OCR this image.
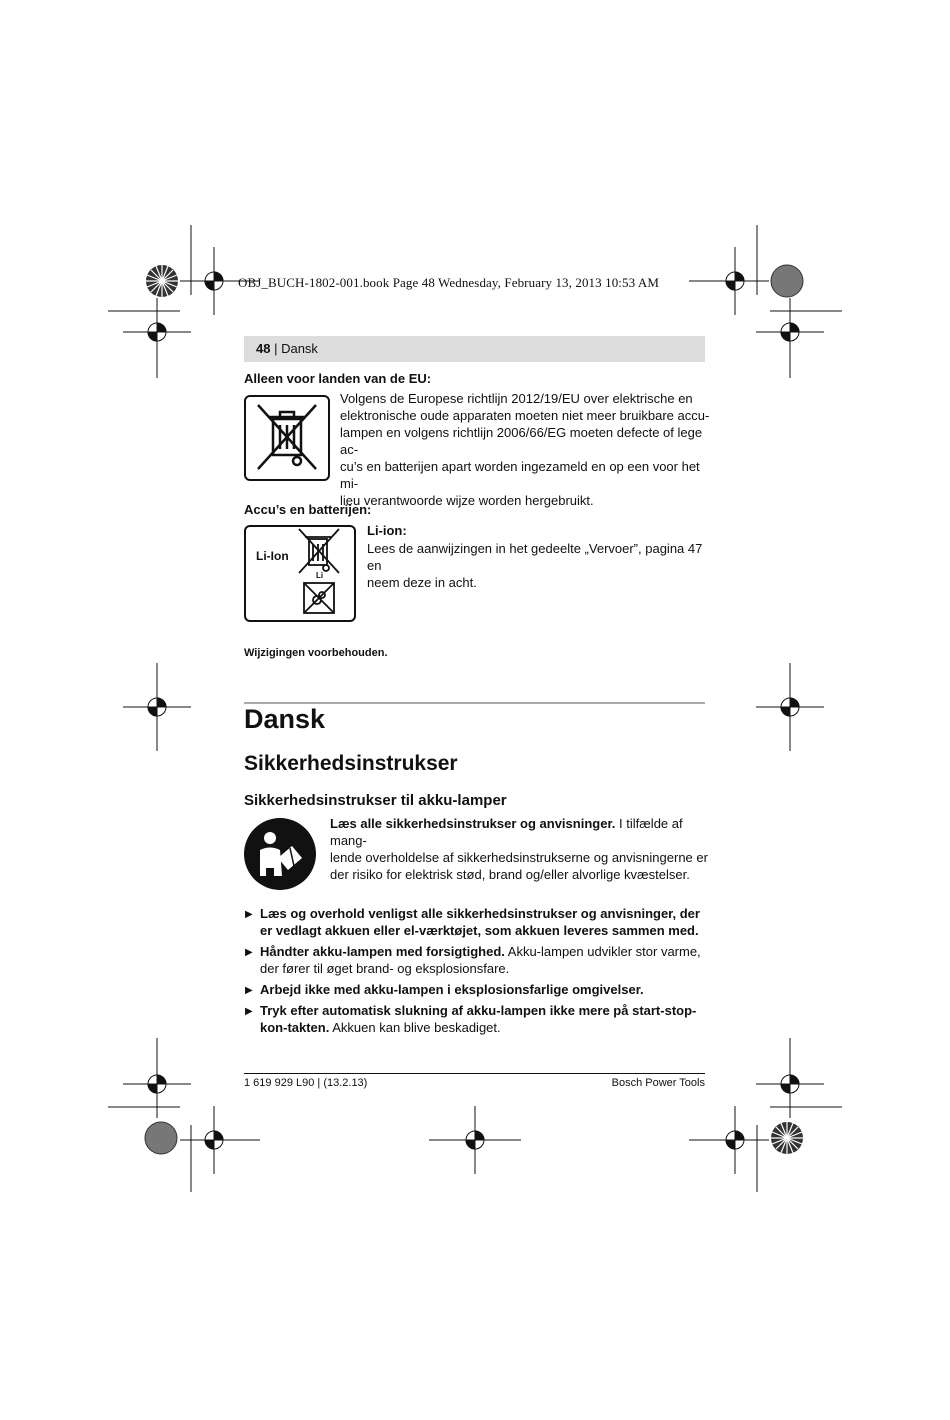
OBJ_BUCH-1802-001.book Page 48 Wednesday, February 13, 2013 10:53 AM
48 | Dansk
Alleen voor landen van de EU:
Volgens de Europese richtlijn 2012/19/EU over elektrische en
elektronische oude apparaten moeten niet meer bruikbare accu-
lampen en volgens richtlijn 2006/66/EG moeten defecte of lege ac-
cu’s en batterijen apart worden ingezameld en op een voor het mi-
lieu verantwoorde wijze worden hergebruikt.
Accu’s en batterijen:
Li-Ion
Li
Li-ion:
Lees de aanwijzingen in het gedeelte „Vervoer”, pagina 47 en
neem deze in acht.
Wijzigingen voorbehouden.
Dansk
Sikkerhedsinstrukser
Sikkerhedsinstrukser til akku-lamper
Læs alle sikkerhedsinstrukser og anvisninger. I tilfælde af mang-
lende overholdelse af sikkerhedsinstrukserne og anvisningerne er
der risiko for elektrisk stød, brand og/eller alvorlige kvæstelser.
▶ Læs og overhold venligst alle sikkerhedsinstrukser og anvisninger, der er vedlagt akkuen eller el-værktøjet, som akkuen leveres sammen med.
▶ Håndter akku-lampen med forsigtighed. Akku-lampen udvikler stor varme, der fører til øget brand- og eksplosionsfare.
▶ Arbejd ikke med akku-lampen i eksplosionsfarlige omgivelser.
▶ Tryk efter automatisk slukning af akku-lampen ikke mere på start-stop-kon-takten. Akkuen kan blive beskadiget.
1 619 929 L90 | (13.2.13)	Bosch Power Tools
